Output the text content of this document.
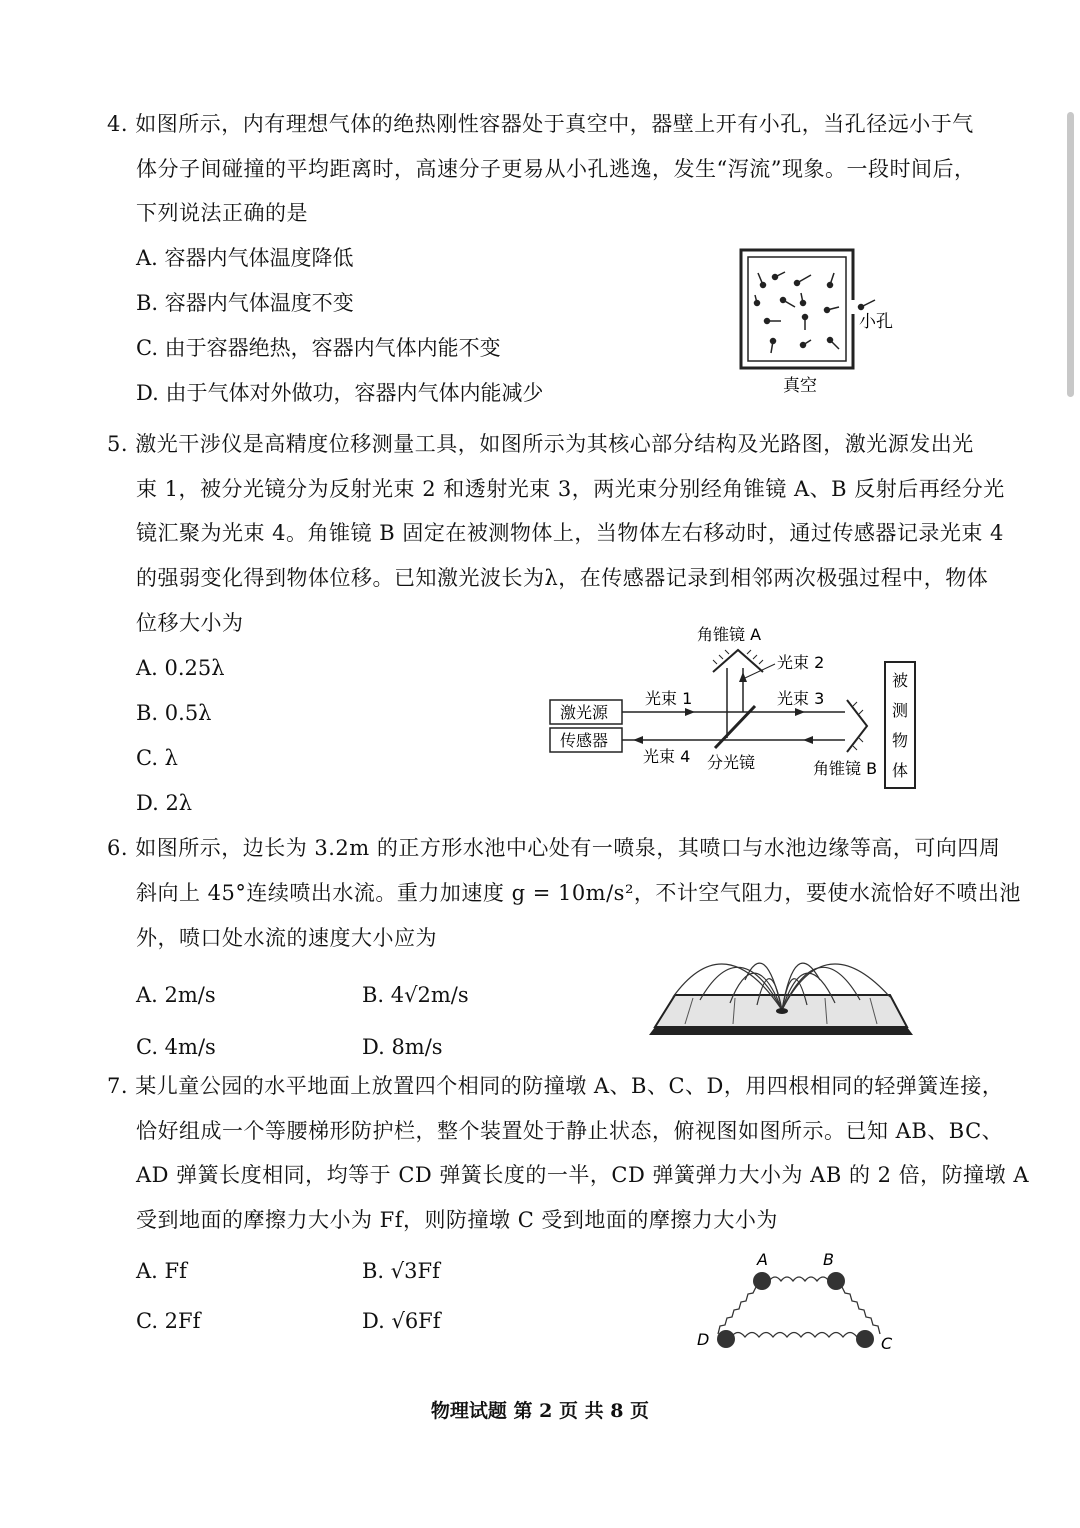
4. 如图所示，内有理想气体的绝热刚性容器处于真空中，器壁上开有小孔，当孔径远小于气
体分子间碰撞的平均距离时，高速分子更易从小孔逃逸，发生“泻流”现象。一段时间后，
下列说法正确的是
A. 容器内气体温度降低
B. 容器内气体温度不变
C. 由于容器绝热，容器内气体内能不变
D. 由于气体对外做功，容器内气体内能减少
小孔
真空
5. 激光干涉仪是高精度位移测量工具，如图所示为其核心部分结构及光路图，激光源发出光
束 1，被分光镜分为反射光束 2 和透射光束 3，两光束分别经角锥镜 A、B 反射后再经分光
镜汇聚为光束 4。角锥镜 B 固定在被测物体上，当物体左右移动时，通过传感器记录光束 4
的强弱变化得到物体位移。已知激光波长为λ，在传感器记录到相邻两次极强过程中，物体
位移大小为
A. 0.25λ
B. 0.5λ
C. λ
D. 2λ
角锥镜 A
光束 2
激光源
传感器
光束 1	光束 3
光束 4 分光镜	角锥镜 B
被
测
物
体
6. 如图所示，边长为 3.2m 的正方形水池中心处有一喷泉，其喷口与水池边缘等高，可向四周
斜向上 45°连续喷出水流。重力加速度 g = 10m/s²，不计空气阻力，要使水流恰好不喷出池
外，喷口处水流的速度大小应为
A. 2m/s	B. 4√2m/s
C. 4m/s	D. 8m/s
7. 某儿童公园的水平地面上放置四个相同的防撞墩 A、B、C、D，用四根相同的轻弹簧连接，
恰好组成一个等腰梯形防护栏，整个装置处于静止状态，俯视图如图所示。已知 AB、BC、
AD 弹簧长度相同，均等于 CD 弹簧长度的一半，CD 弹簧弹力大小为 AB 的 2 倍，防撞墩 A
受到地面的摩擦力大小为 Ff，则防撞墩 C 受到地面的摩擦力大小为
A. Ff	B. √3Ff
C. 2Ff	D. √6Ff
A	B
C
D
物理试题 第 2 页 共 8 页
